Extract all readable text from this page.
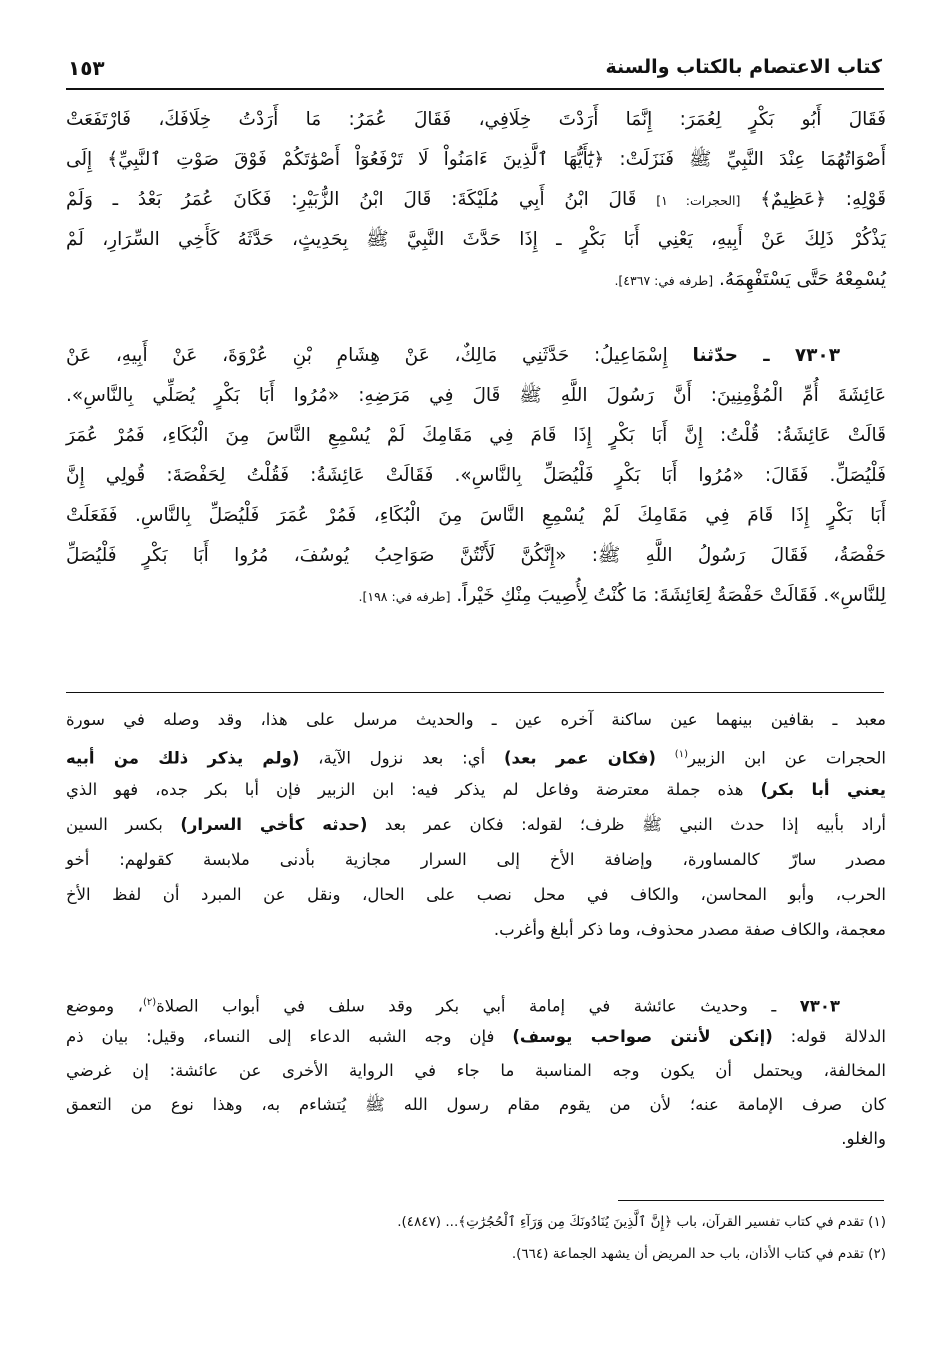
كتاب الاعتصام بالكتاب والسنة
١٥٣
فَقَالَ أَبُو بَكْرٍ لِعُمَرَ: إِنَّمَا أَرَدْتَ خِلَافِي، فَقَالَ عُمَرُ: مَا أَرَدْتُ خِلَافَكَ، فَارْتَفَعَتْ
أَصْوَاتُهُمَا عِنْدَ النَّبِيِّ ﷺ فَنَزَلَتْ: ﴿يَٰٓأَيُّهَا ٱلَّذِينَ ءَامَنُواْ لَا تَرْفَعُوٓاْ أَصْوَٰتَكُمْ فَوْقَ صَوْتِ ٱلنَّبِيِّ﴾ إِلَى
قَوْلِهِ: ﴿عَظِيمٌ﴾ [الحجرات: ١] قَالَ ابْنُ أَبِي مُلَيْكَةَ: قَالَ ابْنُ الزُّبَيْرِ: فَكَانَ عُمَرُ بَعْدُ ـ وَلَمْ
يَذْكُرْ ذَلِكَ عَنْ أَبِيهِ، يَعْنِي أَبَا بَكْرٍ ـ إِذَا حَدَّثَ النَّبِيَّ ﷺ بِحَدِيثٍ، حَدَّثَهُ كَأَخِي السِّرَارِ، لَمْ
يُسْمِعْهُ حَتَّى يَسْتَفْهِمَهُ. [طرفه في: ٤٣٦٧].
٧٣٠٣ ـ حدّثنا إِسْمَاعِيلُ: حَدَّثَنِي مَالِكٌ، عَنْ هِشَامِ بْنِ عُرْوَةَ، عَنْ أَبِيهِ، عَنْ
عَائِشَةَ أُمِّ الْمُؤْمِنِينَ: أَنَّ رَسُولَ اللَّهِ ﷺ قَالَ فِي مَرَضِهِ: «مُرُوا أَبَا بَكْرٍ يُصَلِّي بِالنَّاسِ».
قَالَتْ عَائِشَةُ: قُلْتُ: إِنَّ أَبَا بَكْرٍ إِذَا قَامَ فِي مَقَامِكَ لَمْ يُسْمِعِ النَّاسَ مِنَ الْبُكَاءِ، فَمُرْ عُمَرَ
فَلْيُصَلِّ. فَقَالَ: «مُرُوا أَبَا بَكْرٍ فَلْيُصَلِّ بِالنَّاسِ». فَقَالَتْ عَائِشَةُ: فَقُلْتُ لِحَفْصَةَ: قُولِي إِنَّ
أَبَا بَكْرٍ إِذَا قَامَ فِي مَقَامِكَ لَمْ يُسْمِعِ النَّاسَ مِنَ الْبُكَاءِ، فَمُرْ عُمَرَ فَلْيُصَلِّ بِالنَّاسِ. فَفَعَلَتْ
حَفْصَةُ، فَقَالَ رَسُولُ اللَّهِ ﷺ: «إِنَّكُنَّ لَأَنْتُنَّ صَوَاحِبُ يُوسُفَ، مُرُوا أَبَا بَكْرٍ فَلْيُصَلِّ
لِلنَّاسِ». فَقَالَتْ حَفْصَةُ لِعَائِشَةَ: مَا كُنْتُ لِأُصِيبَ مِنْكِ خَيْراً. [طرفه في: ١٩٨].
معبد ـ بقافين بينهما عين ساكنة آخره عين ـ والحديث مرسل على هذا، وقد وصله في سورة
الحجرات عن ابن الزبير$^{(١)}$ (فكان عمر بعد) أي: بعد نزول الآية، (ولم يذكر ذلك من أبيه
يعني أبا بكر) هذه جملة معترضة وفاعل لم يذكر فيه: ابن الزبير فإن أبا بكر جده، فهو الذي
أراد بأبيه إذا حدث النبي ﷺ ظرف؛ لقوله: فكان عمر بعد (حدثه كأخي السرار) بكسر السين
مصدر سارّ كالمساورة، وإضافة الأخ إلى السرار مجازية بأدنى ملابسة كقولهم: أخو
الحرب، وأبو المحاسن، والكاف في محل نصب على الحال، ونقل عن المبرد أن لفظ الأخ
معجمة، والكاف صفة مصدر محذوف، وما ذكر أبلغ وأغرب.
٧٣٠٣ ـ وحديث عائشة في إمامة أبي بكر وقد سلف في أبواب الصلاة$^{(٢)}$، وموضع
الدلالة قوله: (إنكن لأنتن صواحب يوسف) فإن وجه الشبه الدعاء إلى النساء، وقيل: بيان ذم
المخالفة، ويحتمل أن يكون وجه المناسبة ما جاء في الرواية الأخرى عن عائشة: إن غرضي
كان صرف الإمامة عنه؛ لأن من يقوم مقام رسول الله ﷺ يُتشاءم به، وهذا نوع من التعمق
والغلو.
(١) تقدم في كتاب تفسير القرآن، باب ﴿إِنَّ ٱلَّذِينَ يُنَادُونَكَ مِن وَرَآءِ ٱلْحُجُرَٰتِ﴾... (٤٨٤٧).
(٢) تقدم في كتاب الأذان، باب حد المريض أن يشهد الجماعة (٦٦٤).
